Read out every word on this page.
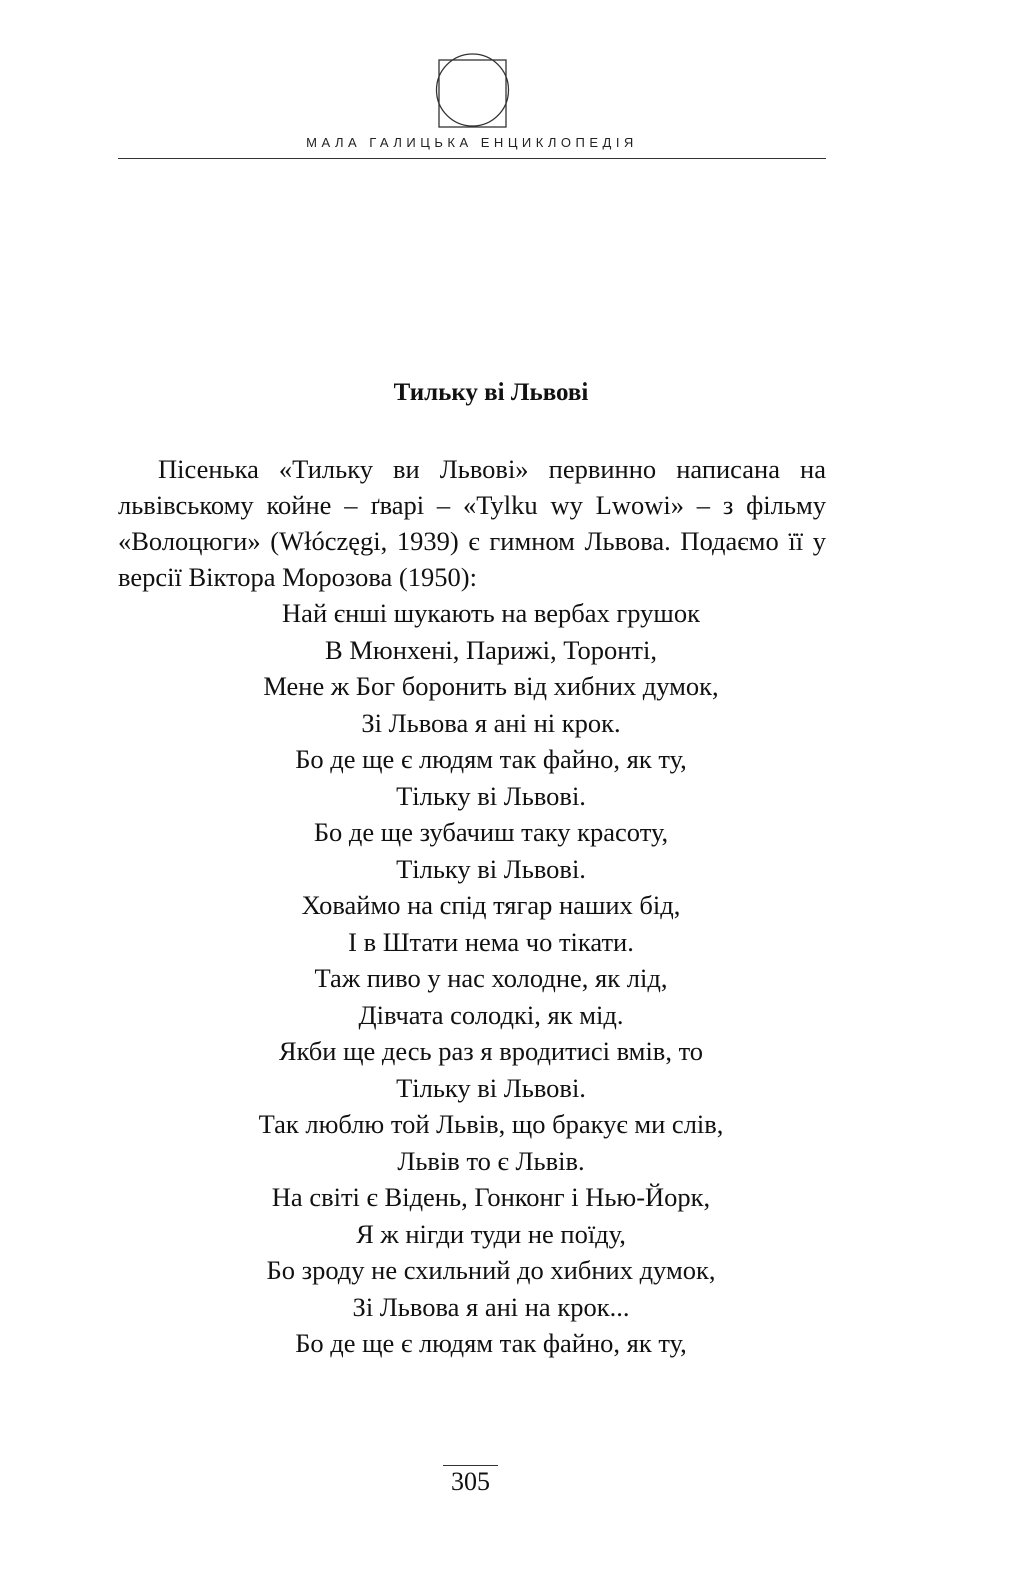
МАЛА ГАЛИЦЬКА ЕНЦИКЛОПЕДІЯ
Тильку ві Львові

Пісенька «Тильку ви Львові» первинно написана на львівському койне – ґварі – «Tylku wy Lwowi» – з фільму «Волоцюги» (Włóczęgi, 1939) є гимном Львова. Подаємо її у версії Віктора Морозова (1950):

Най єнші шукають на вербах грушок
В Мюнхені, Парижі, Торонті,
Мене ж Бог боронить від хибних думок,
Зі Львова я ані ні крок.
Бо де ще є людям так файно, як ту,
Тільку ві Львові.
Бо де ще зубачиш таку красоту,
Тільку ві Львові.
Ховаймо на спід тягар наших бід,
І в Штати нема чо тікати.
Таж пиво у нас холодне, як лід,
Дівчата солодкі, як мід.
Якби ще десь раз я вродитисі вмів, то
Тільку ві Львові.
Так люблю той Львів, що бракує ми слів,
Львів то є Львів.
На світі є Відень, Гонконг і Нью-Йорк,
Я ж нігди туди не поїду,
Бо зроду не схильний до хибних думок,
Зі Львова я ані на крок...
Бо де ще є людям так файно, як ту,
305
